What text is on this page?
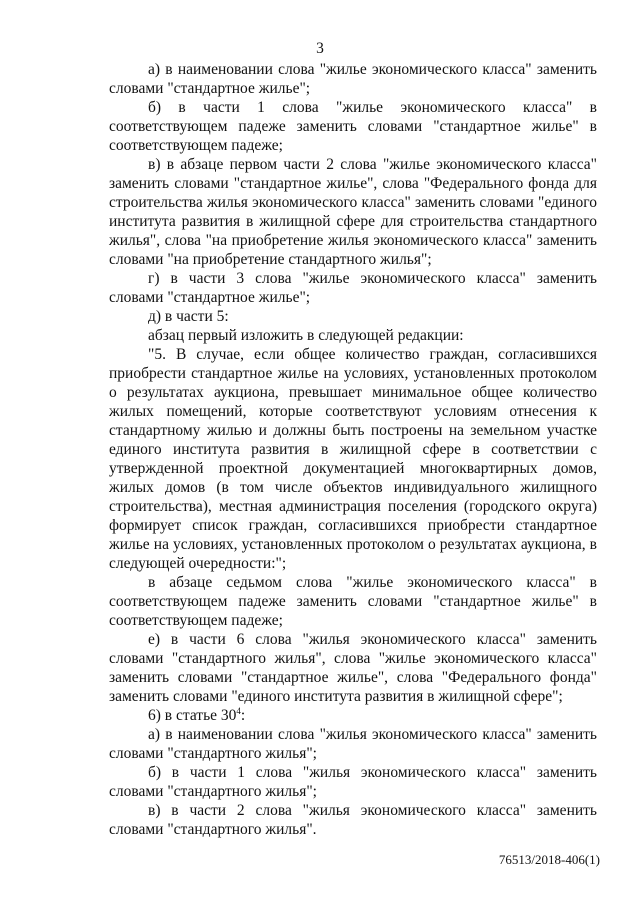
3

а) в наименовании слова "жилье экономического класса" заменить словами "стандартное жилье";

б) в части 1 слова "жилье экономического класса" в соответствующем падеже заменить словами "стандартное жилье" в соответствующем падеже;

в) в абзаце первом части 2 слова "жилье экономического класса" заменить словами "стандартное жилье", слова "Федерального фонда для строительства жилья экономического класса" заменить словами "единого института развития в жилищной сфере для строительства стандартного жилья", слова "на приобретение жилья экономического класса" заменить словами "на приобретение стандартного жилья";

г) в части 3 слова "жилье экономического класса" заменить словами "стандартное жилье";

д) в части 5:

абзац первый изложить в следующей редакции:

"5. В случае, если общее количество граждан, согласившихся приобрести стандартное жилье на условиях, установленных протоколом о результатах аукциона, превышает минимальное общее количество жилых помещений, которые соответствуют условиям отнесения к стандартному жилью и должны быть построены на земельном участке единого института развития в жилищной сфере в соответствии с утвержденной проектной документацией многоквартирных домов, жилых домов (в том числе объектов индивидуального жилищного строительства), местная администрация поселения (городского округа) формирует список граждан, согласившихся приобрести стандартное жилье на условиях, установленных протоколом о результатах аукциона, в следующей очередности:";

в абзаце седьмом слова "жилье экономического класса" в соответствующем падеже заменить словами "стандартное жилье" в соответствующем падеже;

е) в части 6 слова "жилья экономического класса" заменить словами "стандартного жилья", слова "жилье экономического класса" заменить словами "стандартное жилье", слова "Федерального фонда" заменить словами "единого института развития в жилищной сфере";

6) в статье $30^4$:

а) в наименовании слова "жилья экономического класса" заменить словами "стандартного жилья";

б) в части 1 слова "жилья экономического класса" заменить словами "стандартного жилья";

в) в части 2 слова "жилья экономического класса" заменить словами "стандартного жилья".

76513/2018-406(1)
